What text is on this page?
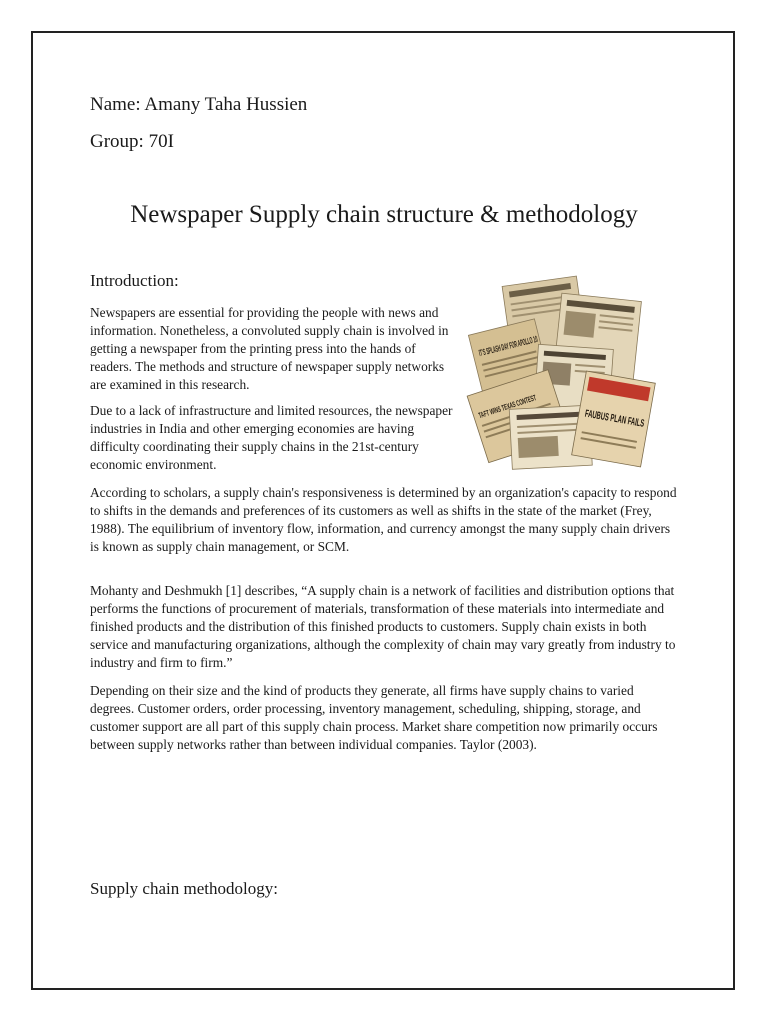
Name: Amany Taha Hussien

Group: 70I

Newspaper Supply chain structure & methodology
Introduction:

Newspapers are essential for providing the people with news and information. Nonetheless, a convoluted supply chain is involved in getting a newspaper from the printing press into the hands of readers. The methods and structure of newspaper supply networks are examined in this research.

Due to a lack of infrastructure and limited resources, the newspaper industries in India and other emerging economies are having difficulty coordinating their supply chains in the 21st-century economic environment.

According to scholars, a supply chain's responsiveness is determined by an organization's capacity to respond to shifts in the demands and preferences of its customers as well as shifts in the state of the market (Frey, 1988). The equilibrium of inventory flow, information, and currency amongst the many supply chain drivers is known as supply chain management, or SCM.

Mohanty and Deshmukh [1] describes, “A supply chain is a network of facilities and distribution options that performs the functions of procurement of materials, transformation of these materials into intermediate and finished products and the distribution of this finished products to customers. Supply chain exists in both service and manufacturing organizations, although the complexity of chain may vary greatly from industry to industry and firm to firm.”

Depending on their size and the kind of products they generate, all firms have supply chains to varied degrees. Customer orders, order processing, inventory management, scheduling, shipping, storage, and customer support are all part of this supply chain process. Market share competition now primarily occurs between supply networks rather than between individual companies. Taylor (2003).

TAFT WINS TEXAS CONTEST
FAUBUS PLAN FAILS
Supply chain methodology:
